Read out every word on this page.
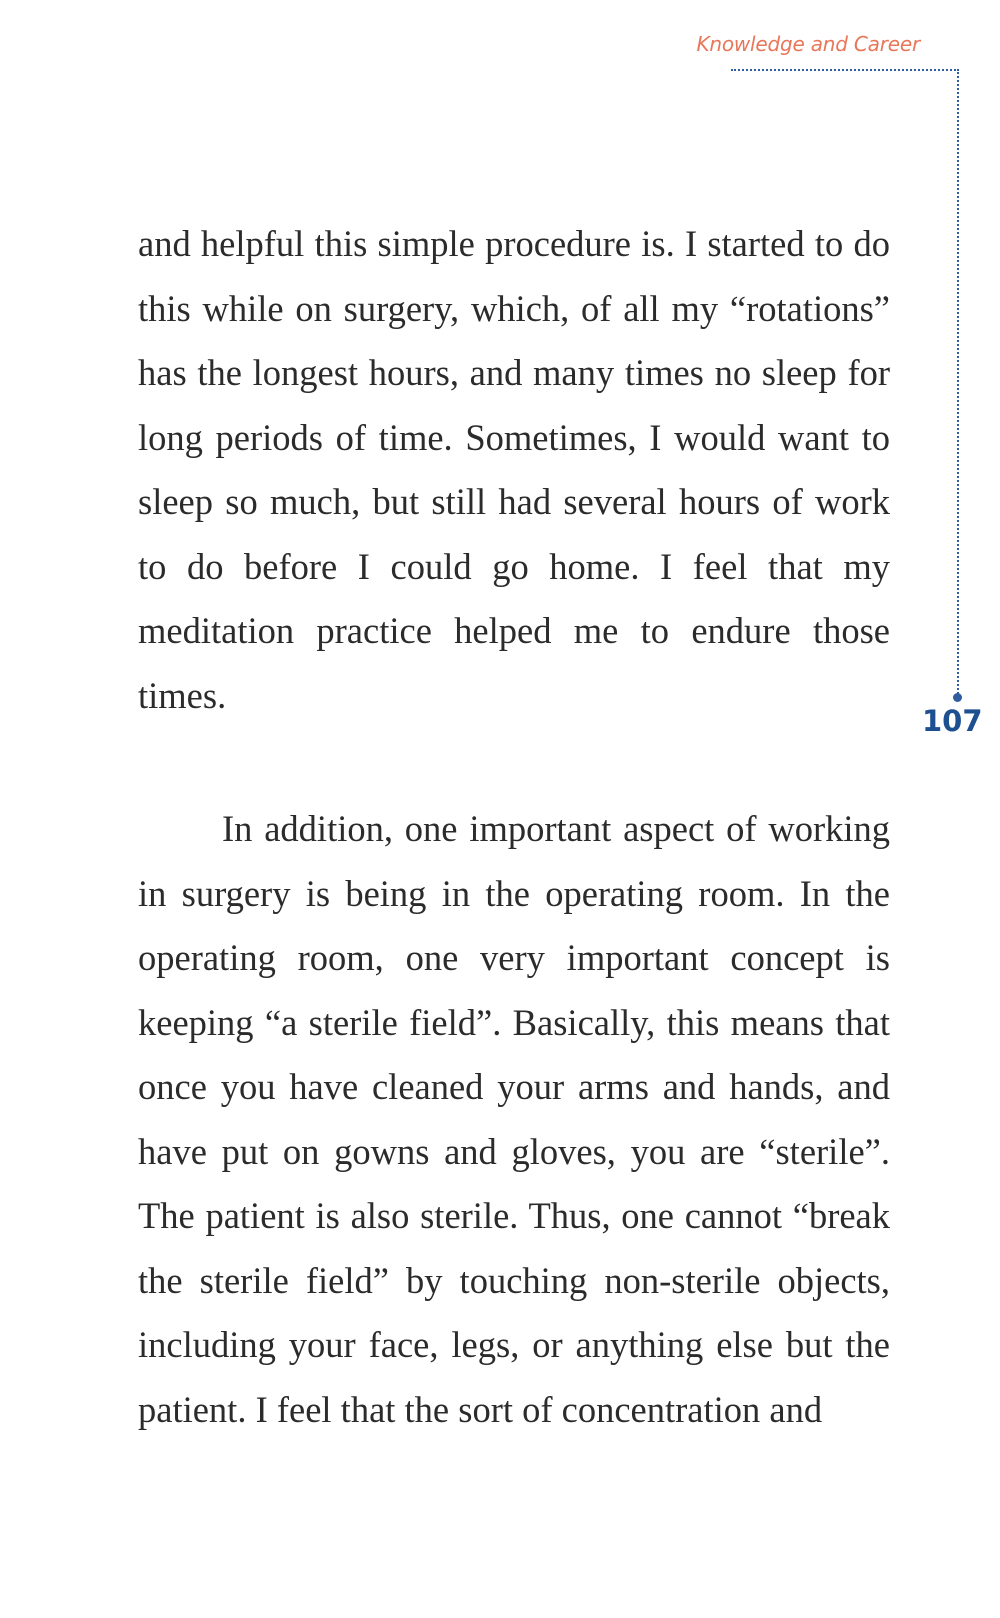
Knowledge and Career
107

and helpful this simple procedure is. I started to do this while on surgery, which, of all my “rotations” has the longest hours, and many times no sleep for long periods of time. Sometimes, I would want to sleep so much, but still had several hours of work to do before I could go home. I feel that my meditation practice helped me to endure those times.

In addition, one important aspect of working in surgery is being in the operating room. In the operating room, one very important concept is keeping “a sterile field”. Basically, this means that once you have cleaned your arms and hands, and have put on gowns and gloves, you are “sterile”. The patient is also sterile. Thus, one cannot “break the sterile field” by touching non-sterile objects, including your face, legs, or anything else but the patient. I feel that the sort of concentration and
